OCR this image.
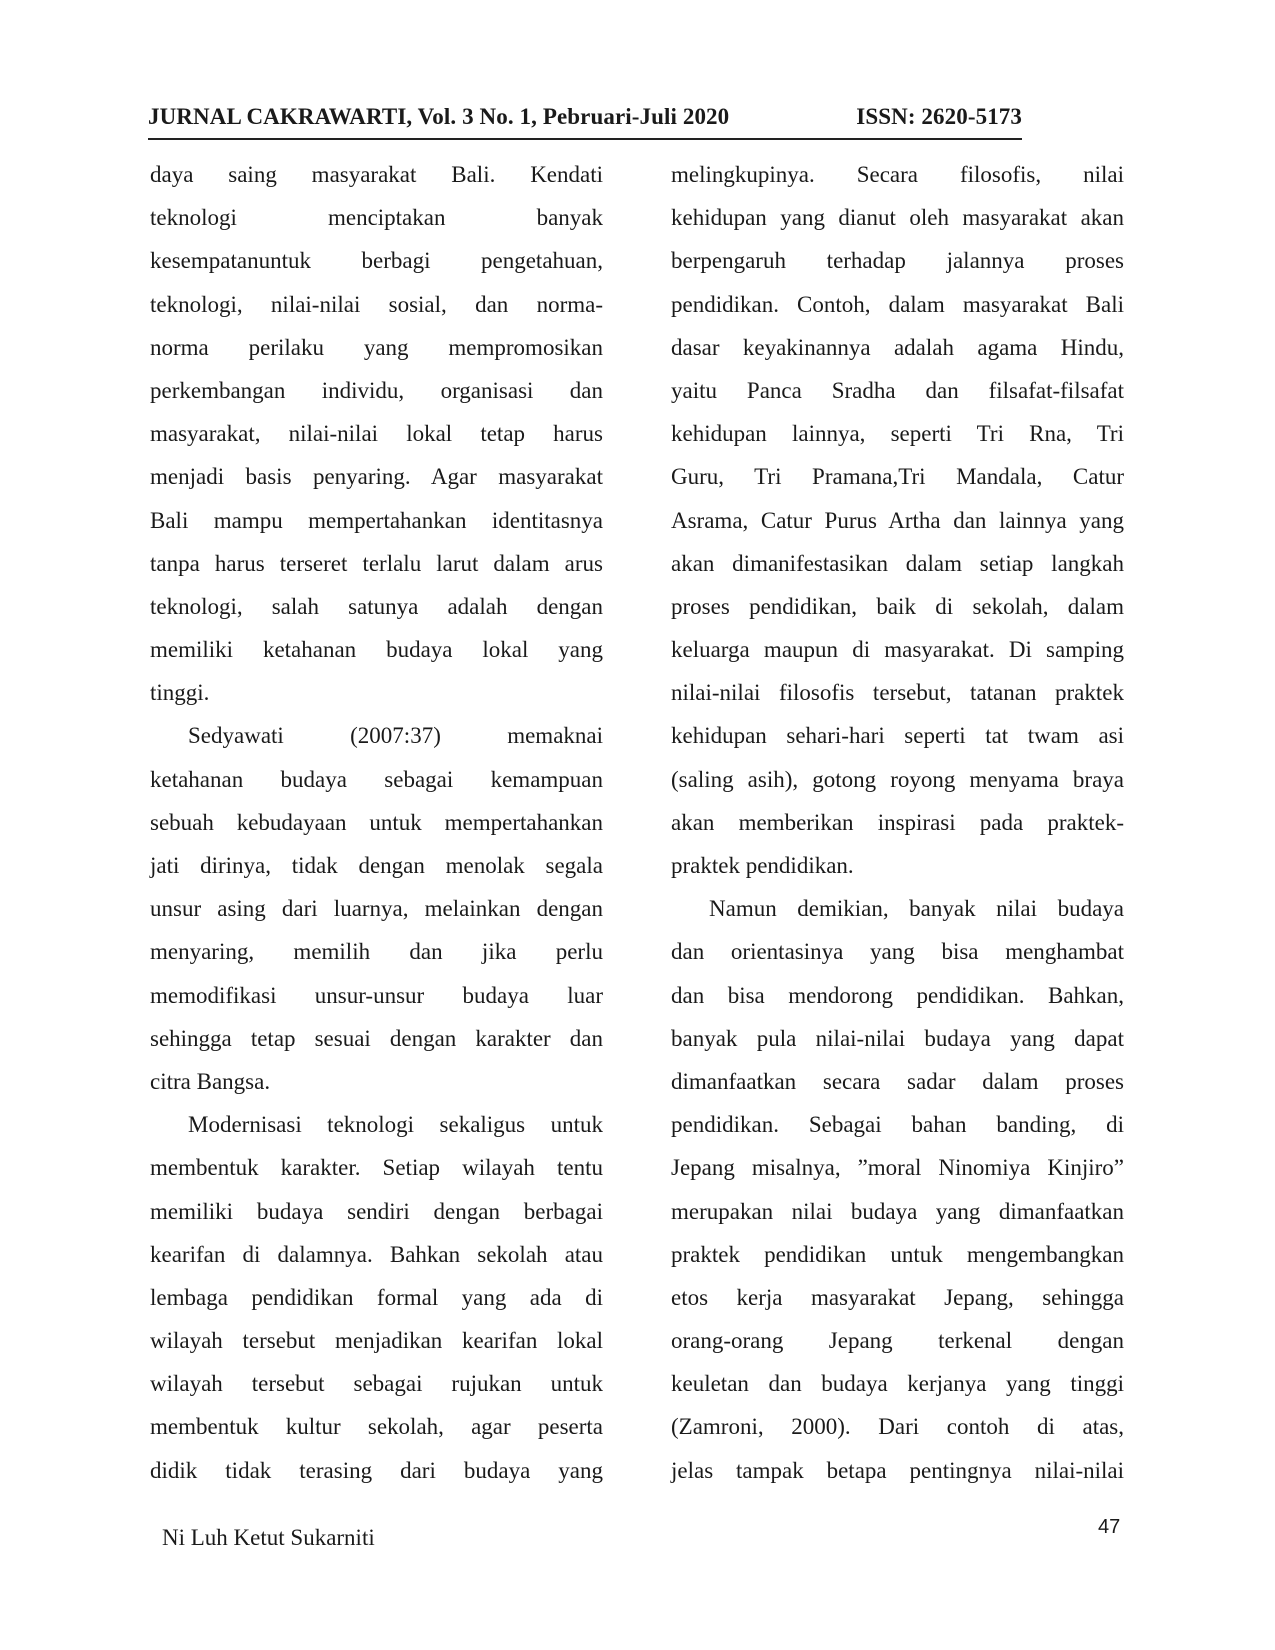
JURNAL CAKRAWARTI, Vol. 3 No. 1, Pebruari-Juli 2020	ISSN: 2620-5173
daya saing masyarakat Bali. Kendati
teknologi menciptakan banyak
kesempatanuntuk berbagi pengetahuan,
teknologi, nilai-nilai sosial, dan norma-
norma perilaku yang mempromosikan
perkembangan individu, organisasi dan
masyarakat, nilai-nilai lokal tetap harus
menjadi basis penyaring. Agar masyarakat
Bali mampu mempertahankan identitasnya
tanpa harus terseret terlalu larut dalam arus
teknologi, salah satunya adalah dengan
memiliki ketahanan budaya lokal yang
tinggi.
Sedyawati (2007:37) memaknai
ketahanan budaya sebagai kemampuan
sebuah kebudayaan untuk mempertahankan
jati dirinya, tidak dengan menolak segala
unsur asing dari luarnya, melainkan dengan
menyaring, memilih dan jika perlu
memodifikasi unsur-unsur budaya luar
sehingga tetap sesuai dengan karakter dan
citra Bangsa.
Modernisasi teknologi sekaligus untuk
membentuk karakter. Setiap wilayah tentu
memiliki budaya sendiri dengan berbagai
kearifan di dalamnya. Bahkan sekolah atau
lembaga pendidikan formal yang ada di
wilayah tersebut menjadikan kearifan lokal
wilayah tersebut sebagai rujukan untuk
membentuk kultur sekolah, agar peserta
didik tidak terasing dari budaya yang
melingkupinya. Secara filosofis, nilai
kehidupan yang dianut oleh masyarakat akan
berpengaruh terhadap jalannya proses
pendidikan. Contoh, dalam masyarakat Bali
dasar keyakinannya adalah agama Hindu,
yaitu Panca Sradha dan filsafat-filsafat
kehidupan lainnya, seperti Tri Rna, Tri
Guru, Tri Pramana,Tri Mandala, Catur
Asrama, Catur Purus Artha dan lainnya yang
akan dimanifestasikan dalam setiap langkah
proses pendidikan, baik di sekolah, dalam
keluarga maupun di masyarakat. Di samping
nilai-nilai filosofis tersebut, tatanan praktek
kehidupan sehari-hari seperti tat twam asi
(saling asih), gotong royong menyama braya
akan memberikan inspirasi pada praktek-
praktek pendidikan.
Namun demikian, banyak nilai budaya
dan orientasinya yang bisa menghambat
dan bisa mendorong pendidikan. Bahkan,
banyak pula nilai-nilai budaya yang dapat
dimanfaatkan secara sadar dalam proses
pendidikan. Sebagai bahan banding, di
Jepang misalnya, ”moral Ninomiya Kinjiro”
merupakan nilai budaya yang dimanfaatkan
praktek pendidikan untuk mengembangkan
etos kerja masyarakat Jepang, sehingga
orang-orang Jepang terkenal dengan
keuletan dan budaya kerjanya yang tinggi
(Zamroni, 2000). Dari contoh di atas,
jelas tampak betapa pentingnya nilai-nilai
Ni Luh Ketut Sukarniti	47
